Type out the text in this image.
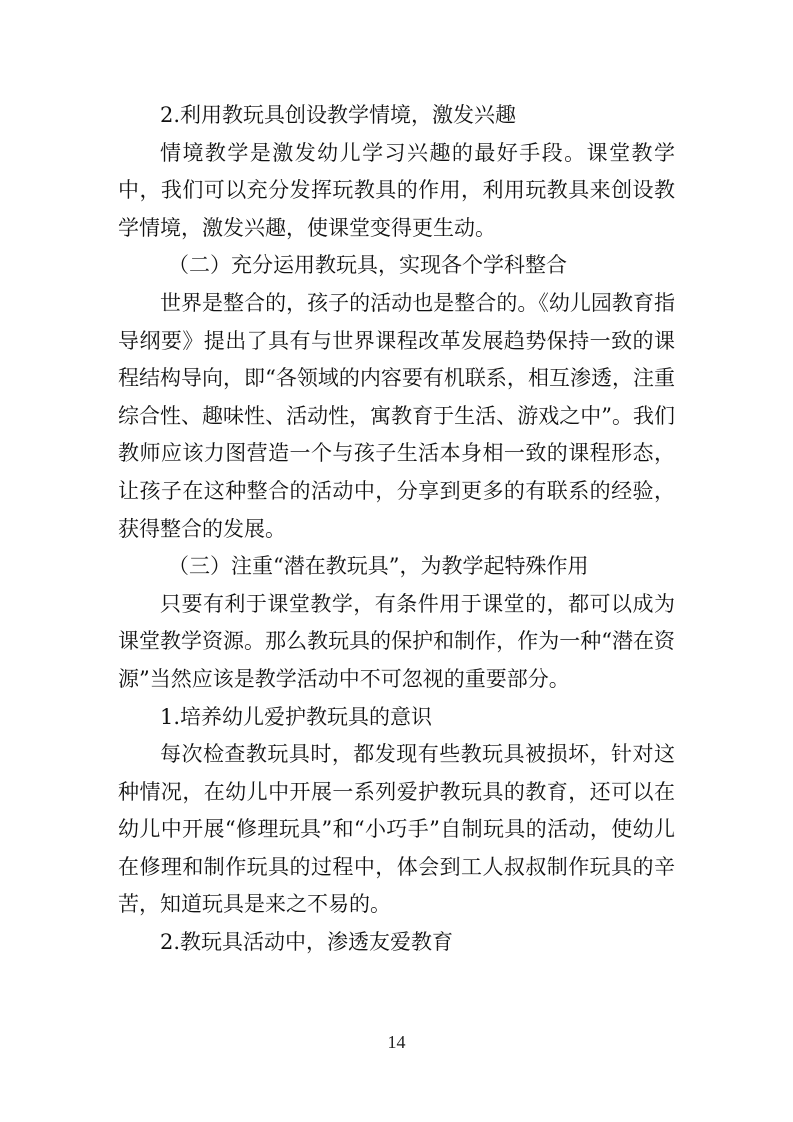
2.利用教玩具创设教学情境，激发兴趣

情境教学是激发幼儿学习兴趣的最好手段。课堂教学中，我们可以充分发挥玩教具的作用，利用玩教具来创设教学情境，激发兴趣，使课堂变得更生动。

（二）充分运用教玩具，实现各个学科整合

世界是整合的，孩子的活动也是整合的。《幼儿园教育指导纲要》提出了具有与世界课程改革发展趋势保持一致的课程结构导向，即“各领域的内容要有机联系，相互渗透，注重综合性、趣味性、活动性，寓教育于生活、游戏之中”。我们教师应该力图营造一个与孩子生活本身相一致的课程形态，让孩子在这种整合的活动中，分享到更多的有联系的经验，获得整合的发展。

（三）注重“潜在教玩具”，为教学起特殊作用

只要有利于课堂教学，有条件用于课堂的，都可以成为课堂教学资源。那么教玩具的保护和制作，作为一种“潜在资源”当然应该是教学活动中不可忽视的重要部分。

1.培养幼儿爱护教玩具的意识

每次检查教玩具时，都发现有些教玩具被损坏，针对这种情况，在幼儿中开展一系列爱护教玩具的教育，还可以在幼儿中开展“修理玩具”和“小巧手”自制玩具的活动，使幼儿在修理和制作玩具的过程中，体会到工人叔叔制作玩具的辛苦，知道玩具是来之不易的。

2.教玩具活动中，渗透友爱教育

14
